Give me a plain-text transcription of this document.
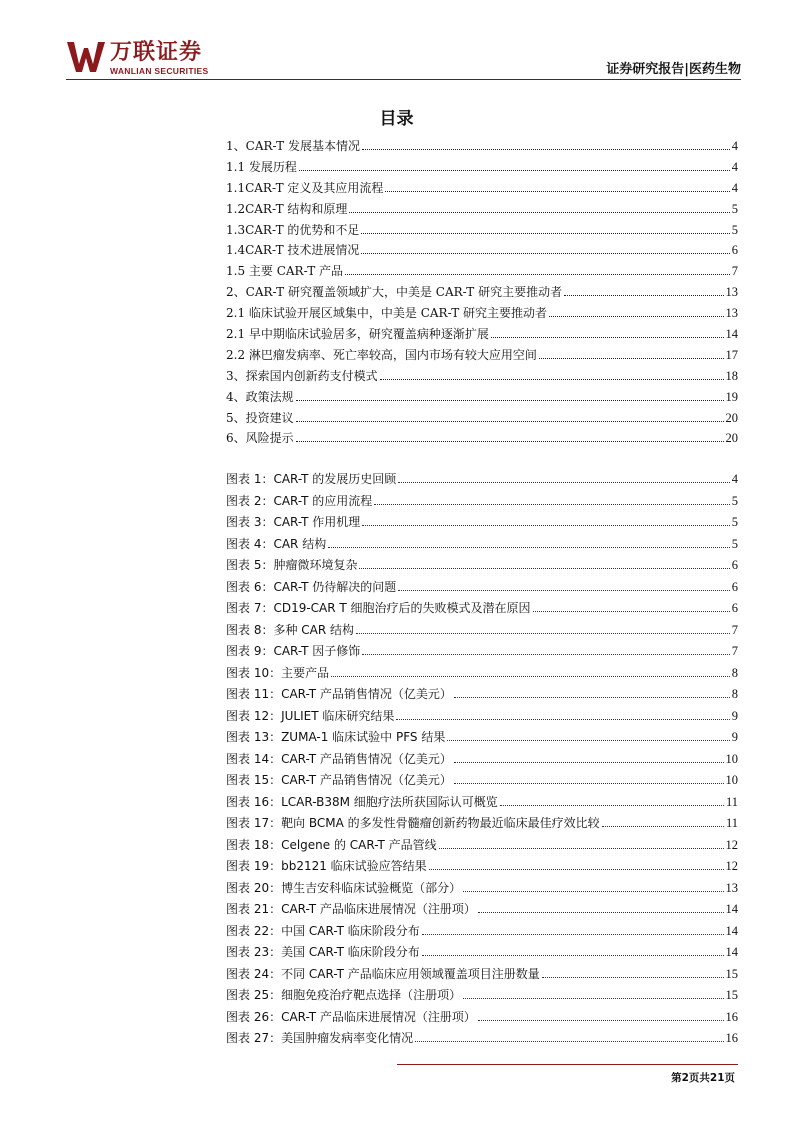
万联证券
WANLIAN SECURITIES	证券研究报告|医药生物
目录
1、CAR-T 发展基本情况	4
1.1 发展历程	4
1.1CAR-T 定义及其应用流程	4
1.2CAR-T 结构和原理	5
1.3CAR-T 的优势和不足	5
1.4CAR-T 技术进展情况	6
1.5 主要 CAR-T 产品	7
2、CAR-T 研究覆盖领域扩大，中美是 CAR-T 研究主要推动者	13
2.1 临床试验开展区域集中，中美是 CAR-T 研究主要推动者	13
2.1 早中期临床试验居多，研究覆盖病种逐渐扩展	14
2.2 淋巴瘤发病率、死亡率较高，国内市场有较大应用空间	17
3、探索国内创新药支付模式	18
4、政策法规	19
5、投资建议	20
6、风险提示	20
图表 1：CAR-T 的发展历史回顾	4
图表 2：CAR-T 的应用流程	5
图表 3：CAR-T 作用机理	5
图表 4：CAR 结构	5
图表 5：肿瘤微环境复杂	6
图表 6：CAR-T 仍待解决的问题	6
图表 7：CD19-CAR T 细胞治疗后的失败模式及潜在原因	6
图表 8：多种 CAR 结构	7
图表 9：CAR-T 因子修饰	7
图表 10：主要产品	8
图表 11：CAR-T 产品销售情况（亿美元）	8
图表 12：JULIET 临床研究结果	9
图表 13：ZUMA-1 临床试验中 PFS 结果	9
图表 14：CAR-T 产品销售情况（亿美元）	10
图表 15：CAR-T 产品销售情况（亿美元）	10
图表 16：LCAR-B38M 细胞疗法所获国际认可概览	11
图表 17：靶向 BCMA 的多发性骨髓瘤创新药物最近临床最佳疗效比较	11
图表 18：Celgene 的 CAR-T 产品管线	12
图表 19：bb2121 临床试验应答结果	12
图表 20：博生吉安科临床试验概览（部分）	13
图表 21：CAR-T 产品临床进展情况（注册项）	14
图表 22：中国 CAR-T 临床阶段分布	14
图表 23：美国 CAR-T 临床阶段分布	14
图表 24：不同 CAR-T 产品临床应用领域覆盖项目注册数量	15
图表 25：细胞免疫治疗靶点选择（注册项）	15
图表 26：CAR-T 产品临床进展情况（注册项）	16
图表 27：美国肿瘤发病率变化情况	16
第2页共21页
